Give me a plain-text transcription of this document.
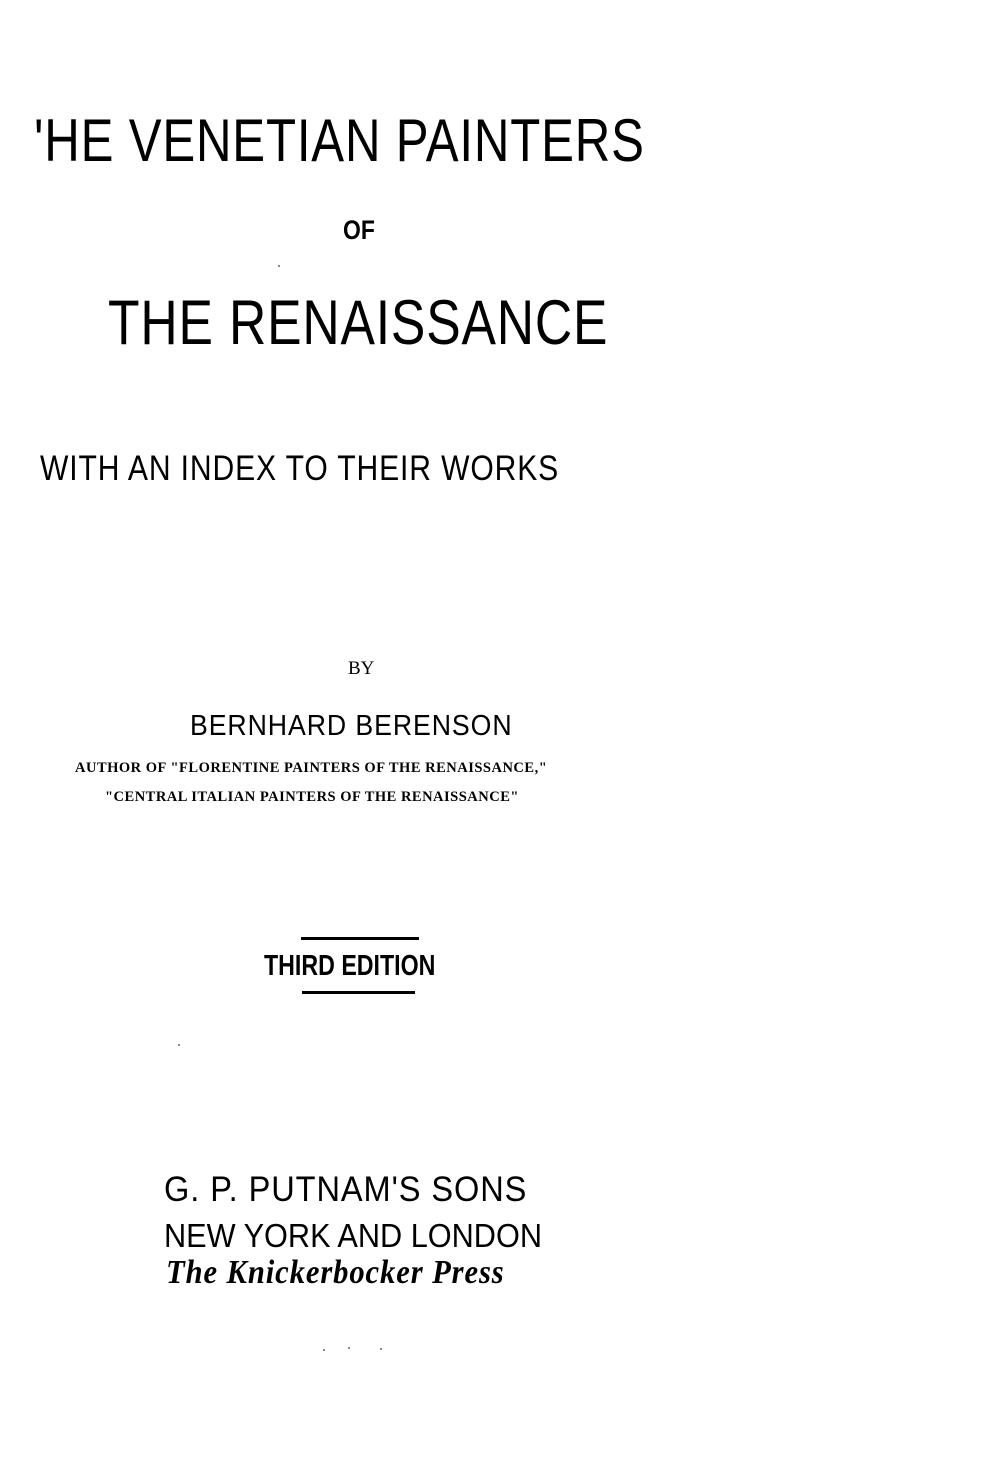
'HE VENETIAN PAINTERS
OF
THE RENAISSANCE
WITH AN INDEX TO THEIR WORKS
BY
BERNHARD BERENSON
AUTHOR OF "FLORENTINE PAINTERS OF THE RENAISSANCE,"
"CENTRAL ITALIAN PAINTERS OF THE RENAISSANCE"
THIRD EDITION
G. P. PUTNAM'S SONS
NEW YORK AND LONDON
The Knickerbocker Press
